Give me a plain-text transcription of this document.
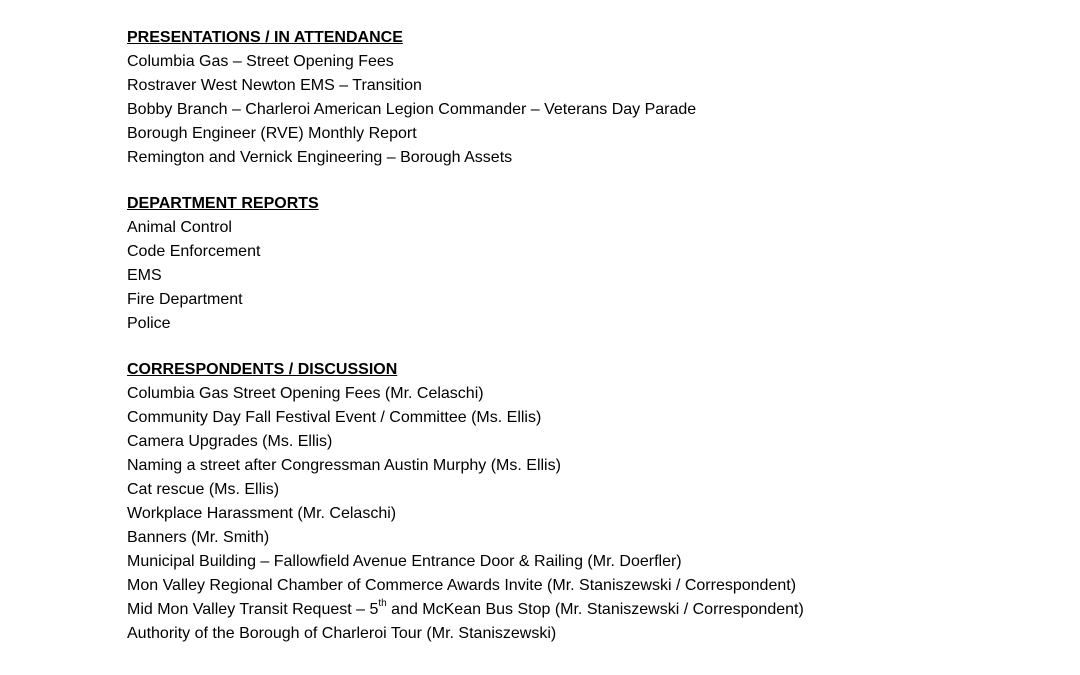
PRESENTATIONS / IN ATTENDANCE
Columbia Gas – Street Opening Fees
Rostraver West Newton EMS – Transition
Bobby Branch – Charleroi American Legion Commander – Veterans Day Parade
Borough Engineer (RVE) Monthly Report
Remington and Vernick Engineering – Borough Assets
DEPARTMENT REPORTS
Animal Control
Code Enforcement
EMS
Fire Department
Police
CORRESPONDENTS / DISCUSSION
Columbia Gas Street Opening Fees (Mr. Celaschi)
Community Day Fall Festival Event / Committee (Ms. Ellis)
Camera Upgrades (Ms. Ellis)
Naming a street after Congressman Austin Murphy (Ms. Ellis)
Cat rescue (Ms. Ellis)
Workplace Harassment (Mr. Celaschi)
Banners (Mr. Smith)
Municipal Building – Fallowfield Avenue Entrance Door & Railing (Mr. Doerfler)
Mon Valley Regional Chamber of Commerce Awards Invite (Mr. Staniszewski / Correspondent)
Mid Mon Valley Transit Request – 5th and McKean Bus Stop (Mr. Staniszewski / Correspondent)
Authority of the Borough of Charleroi Tour (Mr. Staniszewski)
